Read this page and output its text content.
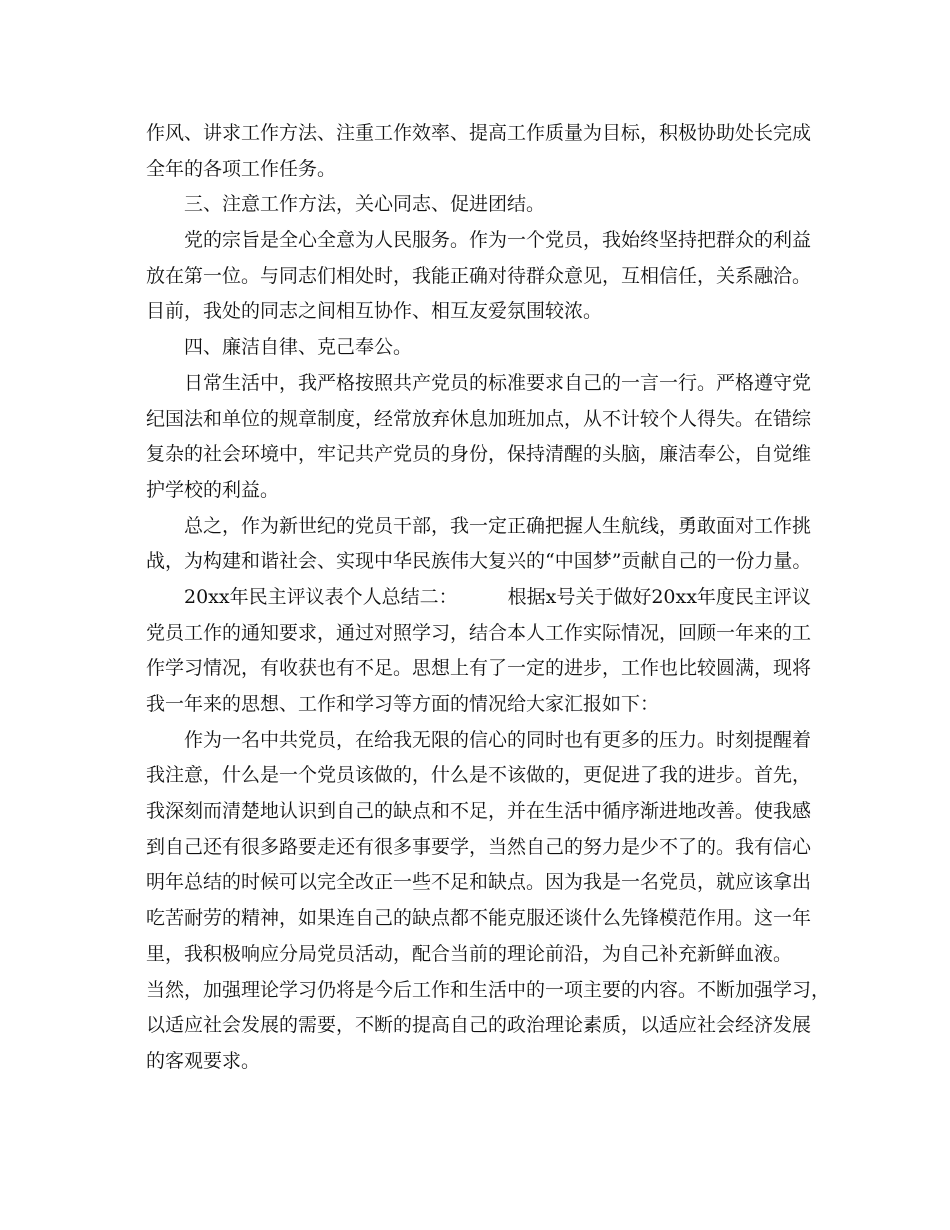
作风、讲求工作方法、注重工作效率、提高工作质量为目标，积极协助处长完成
全年的各项工作任务。
三、注意工作方法，关心同志、促进团结。
党的宗旨是全心全意为人民服务。作为一个党员，我始终坚持把群众的利益
放在第一位。与同志们相处时，我能正确对待群众意见，互相信任，关系融洽。
目前，我处的同志之间相互协作、相互友爱氛围较浓。
四、廉洁自律、克己奉公。
日常生活中，我严格按照共产党员的标准要求自己的一言一行。严格遵守党
纪国法和单位的规章制度，经常放弃休息加班加点，从不计较个人得失。在错综
复杂的社会环境中，牢记共产党员的身份，保持清醒的头脑，廉洁奉公，自觉维
护学校的利益。
总之，作为新世纪的党员干部，我一定正确把握人生航线，勇敢面对工作挑
战，为构建和谐社会、实现中华民族伟大复兴的“中国梦”贡献自己的一份力量。
20xx年民主评议表个人总结二：	根据x号关于做好20xx年度民主评议
党员工作的通知要求，通过对照学习，结合本人工作实际情况，回顾一年来的工
作学习情况，有收获也有不足。思想上有了一定的进步，工作也比较圆满，现将
我一年来的思想、工作和学习等方面的情况给大家汇报如下：
作为一名中共党员，在给我无限的信心的同时也有更多的压力。时刻提醒着
我注意，什么是一个党员该做的，什么是不该做的，更促进了我的进步。首先，
我深刻而清楚地认识到自己的缺点和不足，并在生活中循序渐进地改善。使我感
到自己还有很多路要走还有很多事要学，当然自己的努力是少不了的。我有信心
明年总结的时候可以完全改正一些不足和缺点。因为我是一名党员，就应该拿出
吃苦耐劳的精神，如果连自己的缺点都不能克服还谈什么先锋模范作用。这一年
里，我积极响应分局党员活动，配合当前的理论前沿，为自己补充新鲜血液。
当然，加强理论学习仍将是今后工作和生活中的一项主要的内容。不断加强学习，
以适应社会发展的需要，不断的提高自己的政治理论素质，以适应社会经济发展
的客观要求。
